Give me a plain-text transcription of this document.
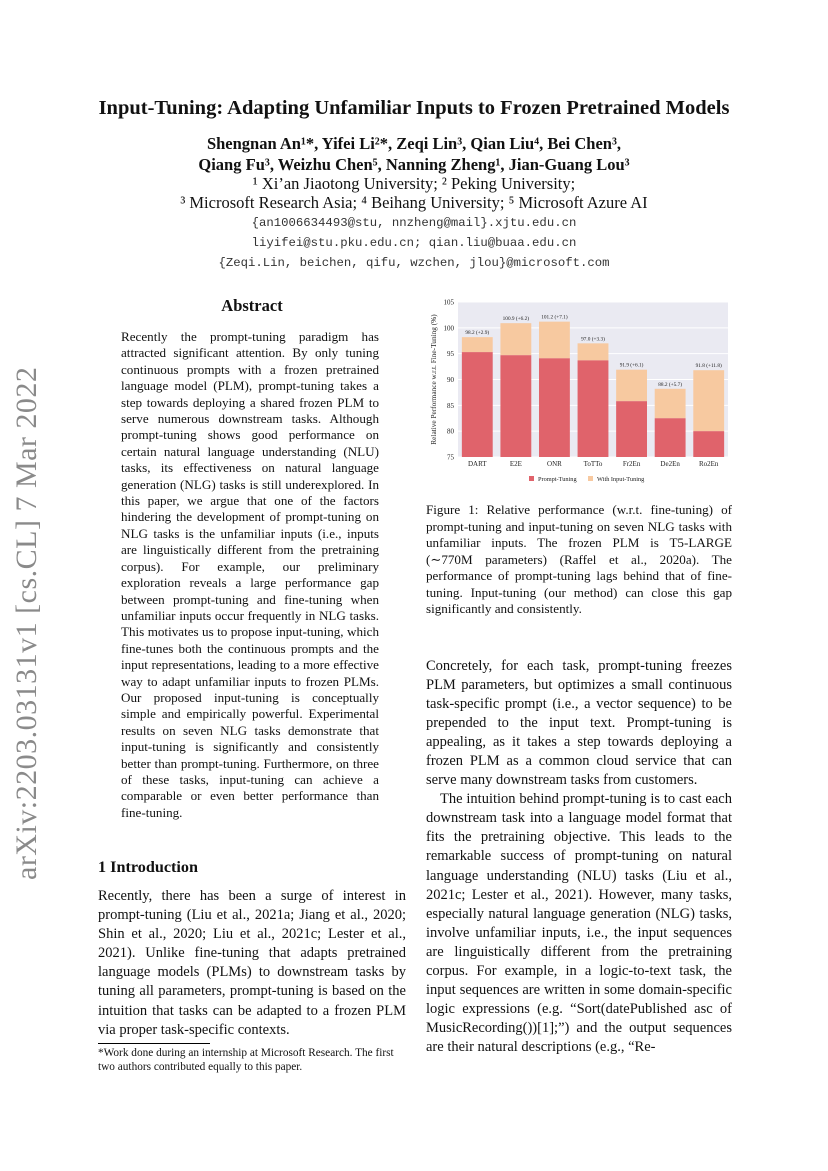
arXiv:2203.03131v1 [cs.CL] 7 Mar 2022
Input-Tuning: Adapting Unfamiliar Inputs to Frozen Pretrained Models
Shengnan An¹*, Yifei Li²*, Zeqi Lin³, Qian Liu⁴, Bei Chen³,
Qiang Fu³, Weizhu Chen⁵, Nanning Zheng¹, Jian-Guang Lou³
¹ Xi’an Jiaotong University; ² Peking University;
³ Microsoft Research Asia; ⁴ Beihang University; ⁵ Microsoft Azure AI
{an1006634493@stu, nnzheng@mail}.xjtu.edu.cn
liyifei@stu.pku.edu.cn; qian.liu@buaa.edu.cn
{Zeqi.Lin, beichen, qifu, wzchen, jlou}@microsoft.com
Abstract
Recently the prompt-tuning paradigm has attracted significant attention. By only tuning continuous prompts with a frozen pretrained language model (PLM), prompt-tuning takes a step towards deploying a shared frozen PLM to serve numerous downstream tasks. Although prompt-tuning shows good performance on certain natural language understanding (NLU) tasks, its effectiveness on natural language generation (NLG) tasks is still underexplored. In this paper, we argue that one of the factors hindering the development of prompt-tuning on NLG tasks is the unfamiliar inputs (i.e., inputs are linguistically different from the pretraining corpus). For example, our preliminary exploration reveals a large performance gap between prompt-tuning and fine-tuning when unfamiliar inputs occur frequently in NLG tasks. This motivates us to propose input-tuning, which fine-tunes both the continuous prompts and the input representations, leading to a more effective way to adapt unfamiliar inputs to frozen PLMs. Our proposed input-tuning is conceptually simple and empirically powerful. Experimental results on seven NLG tasks demonstrate that input-tuning is significantly and consistently better than prompt-tuning. Furthermore, on three of these tasks, input-tuning can achieve a comparable or even better performance than fine-tuning.
1 Introduction
Recently, there has been a surge of interest in prompt-tuning (Liu et al., 2021a; Jiang et al., 2020; Shin et al., 2020; Liu et al., 2021c; Lester et al., 2021). Unlike fine-tuning that adapts pretrained language models (PLMs) to downstream tasks by tuning all parameters, prompt-tuning is based on the intuition that tasks can be adapted to a frozen PLM via proper task-specific contexts.
*Work done during an internship at Microsoft Research. The first two authors contributed equally to this paper.
75
80
85
90
95
100
105
98.2 (+2.9)
DART
100.9 (+6.2)
E2E
101.2 (+7.1)
ONR
97.0 (+3.3)
ToTTo
91.9 (+6.1)
Fr2En
88.2 (+5.7)
De2En
91.8 (+11.8)
Ro2En
Relative Performance w.r.t. Fine-Tuning (%)
Prompt-Tuning	With Input-Tuning
Figure 1: Relative performance (w.r.t. fine-tuning) of prompt-tuning and input-tuning on seven NLG tasks with unfamiliar inputs. The frozen PLM is T5-LARGE (∼770M parameters) (Raffel et al., 2020a). The performance of prompt-tuning lags behind that of fine-tuning. Input-tuning (our method) can close this gap significantly and consistently.

Concretely, for each task, prompt-tuning freezes PLM parameters, but optimizes a small continuous task-specific prompt (i.e., a vector sequence) to be prepended to the input text. Prompt-tuning is appealing, as it takes a step towards deploying a frozen PLM as a common cloud service that can serve many downstream tasks from customers.

The intuition behind prompt-tuning is to cast each downstream task into a language model format that fits the pretraining objective. This leads to the remarkable success of prompt-tuning on natural language understanding (NLU) tasks (Liu et al., 2021c; Lester et al., 2021). However, many tasks, especially natural language generation (NLG) tasks, involve unfamiliar inputs, i.e., the input sequences are linguistically different from the pretraining corpus. For example, in a logic-to-text task, the input sequences are written in some domain-specific logic expressions (e.g. “Sort(datePublished asc of MusicRecording())[1];”) and the output sequences are their natural descriptions (e.g., “Re-
